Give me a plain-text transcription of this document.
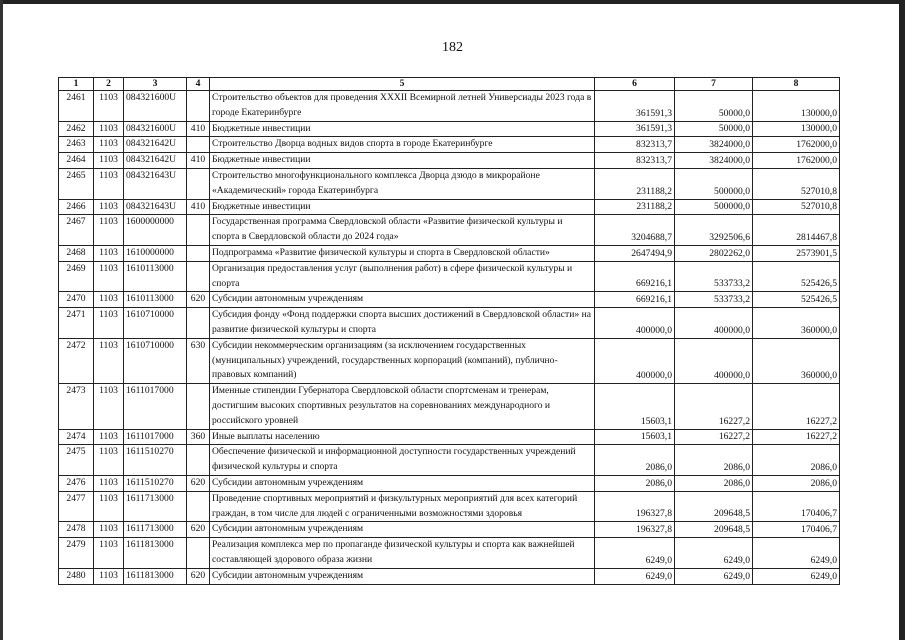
182
1	2	3	4	5	6	7	8
2461	1103	084321600U		Строительство объектов для проведения XXXII Всемирной летней Универсиады 2023 года в городе Екатеринбурге	361591,3	50000,0	130000,0
2462	1103	084321600U	410	Бюджетные инвестиции	361591,3	50000,0	130000,0
2463	1103	084321642U		Строительство Дворца водных видов спорта в городе Екатеринбурге	832313,7	3824000,0	1762000,0
2464	1103	084321642U	410	Бюджетные инвестиции	832313,7	3824000,0	1762000,0
2465	1103	084321643U		Строительство многофункционального комплекса Дворца дзюдо в микрорайоне «Академический» города Екатеринбурга	231188,2	500000,0	527010,8
2466	1103	084321643U	410	Бюджетные инвестиции	231188,2	500000,0	527010,8
2467	1103	1600000000		Государственная программа Свердловской области «Развитие физической культуры и спорта в Свердловской области до 2024 года»	3204688,7	3292506,6	2814467,8
2468	1103	1610000000		Подпрограмма «Развитие физической культуры и спорта в Свердловской области»	2647494,9	2802262,0	2573901,5
2469	1103	1610113000		Организация предоставления услуг (выполнения работ) в сфере физической культуры и спорта	669216,1	533733,2	525426,5
2470	1103	1610113000	620	Субсидии автономным учреждениям	669216,1	533733,2	525426,5
2471	1103	1610710000		Субсидия фонду «Фонд поддержки спорта высших достижений в Свердловской области» на развитие физической культуры и спорта	400000,0	400000,0	360000,0
2472	1103	1610710000	630	Субсидии некоммерческим организациям (за исключением государственных (муниципальных) учреждений, государственных корпораций (компаний), публично-правовых компаний)	400000,0	400000,0	360000,0
2473	1103	1611017000		Именные стипендии Губернатора Свердловской области спортсменам и тренерам, достигшим высоких спортивных результатов на соревнованиях международного и российского уровней	15603,1	16227,2	16227,2
2474	1103	1611017000	360	Иные выплаты населению	15603,1	16227,2	16227,2
2475	1103	1611510270		Обеспечение физической и информационной доступности государственных учреждений физической культуры и спорта	2086,0	2086,0	2086,0
2476	1103	1611510270	620	Субсидии автономным учреждениям	2086,0	2086,0	2086,0
2477	1103	1611713000		Проведение спортивных мероприятий и физкультурных мероприятий для всех категорий граждан, в том числе для людей с ограниченными возможностями здоровья	196327,8	209648,5	170406,7
2478	1103	1611713000	620	Субсидии автономным учреждениям	196327,8	209648,5	170406,7
2479	1103	1611813000		Реализация комплекса мер по пропаганде физической культуры и спорта как важнейшей составляющей здорового образа жизни	6249,0	6249,0	6249,0
2480	1103	1611813000	620	Субсидии автономным учреждениям	6249,0	6249,0	6249,0
